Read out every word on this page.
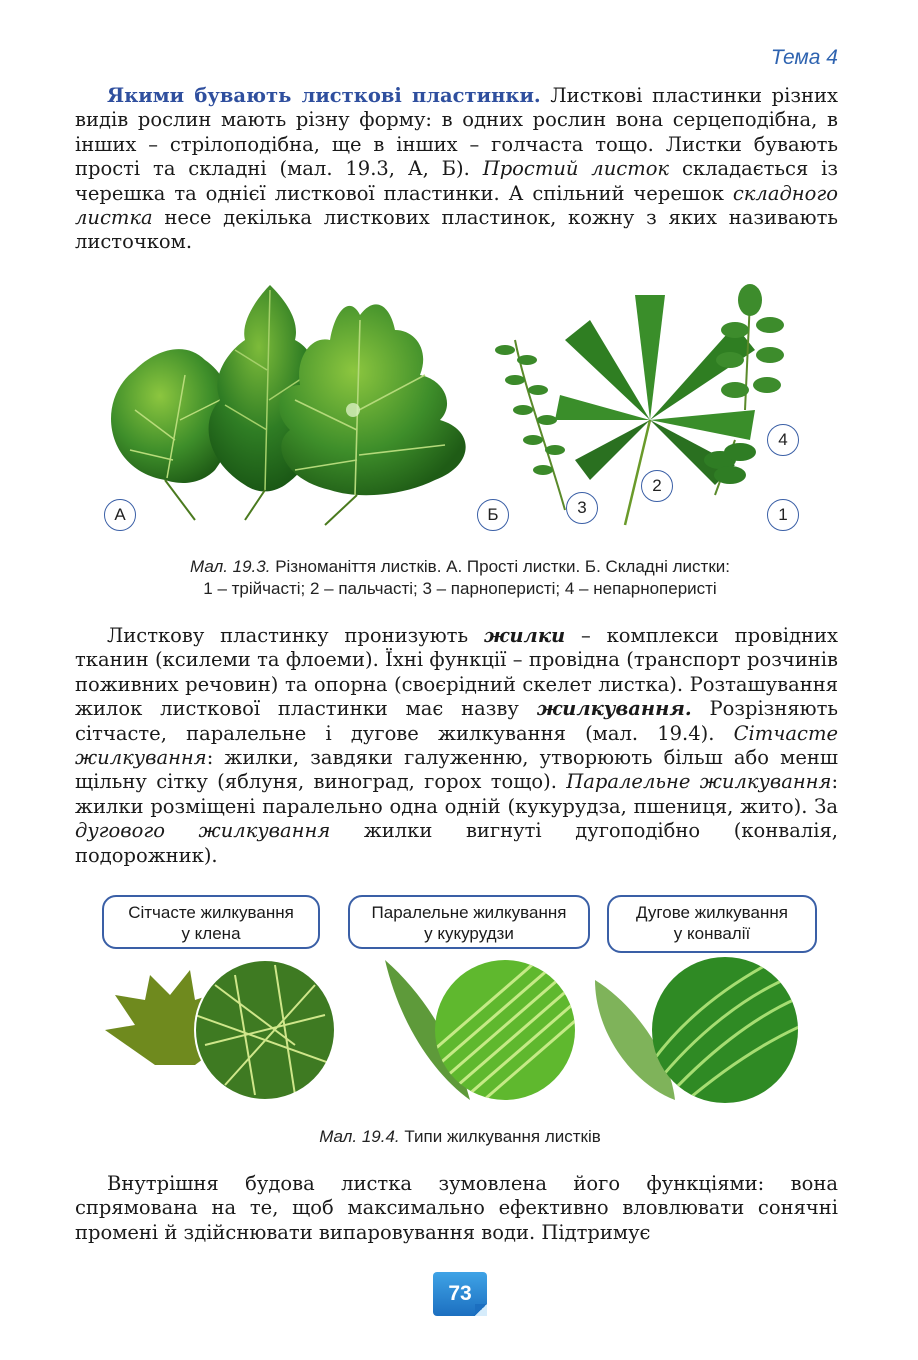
Тема 4

Якими бувають листкові пластинки. Листкові пластинки різних видів рослин мають різну форму: в одних рослин вона серцеподібна, в інших – стрілоподібна, ще в інших – голчаста тощо. Листки бувають прості та складні (мал. 19.3, А, Б). Простий листок складається із черешка та однієї листкової пластинки. А спільний черешок складного листка несе декілька листкових пластинок, кожну з яких називають листочком.

А	Б	3
2
4
1
Мал. 19.3. Різноманіття листків. А. Прості листки. Б. Складні листки:
1 – трійчасті; 2 – пальчасті; 3 – парноперисті; 4 – непарноперисті

Листкову пластинку пронизують жилки – комплекси провідних тканин (ксилеми та флоеми). Їхні функції – провідна (транспорт розчинів поживних речовин) та опорна (своєрідний скелет листка). Розташування жилок листкової пластинки має назву жилкування. Розрізняють сітчасте, паралельне і дугове жилкування (мал. 19.4). Сітчасте жилкування: жилки, завдяки галуженню, утворюють більш або менш щільну сітку (яблуня, виноград, горох тощо). Паралельне жилкування: жилки розміщені паралельно одна одній (кукурудза, пшениця, жито). За дугового жилкування жилки вигнуті дугоподібно (конвалія, подорожник).

Сітчасте жилкування
у клена
Паралельне жилкування
у кукурудзи
Дугове жилкування
у конвалії
Мал. 19.4. Типи жилкування листків

Внутрішня будова листка зумовлена його функціями: вона спрямована на те, щоб максимально ефективно вловлювати сонячні промені й здійснювати випаровування води. Підтримує

73
